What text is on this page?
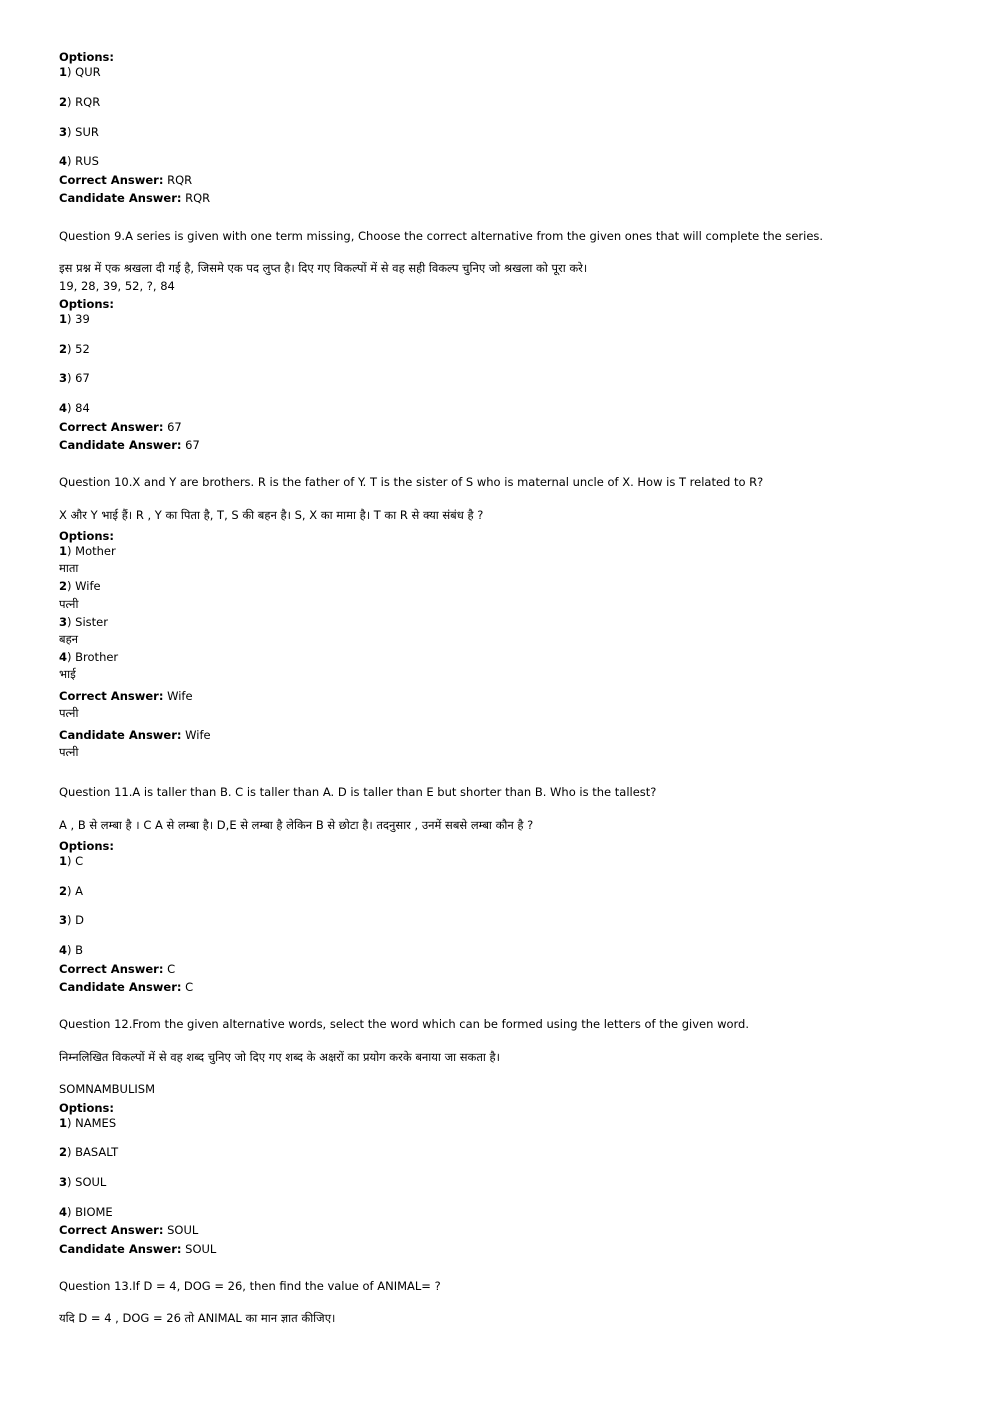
Options:
1) QUR
2) RQR
3) SUR
4) RUS
Correct Answer: RQR
Candidate Answer: RQR
Question 9.A series is given with one term missing, Choose the correct alternative from the given ones that will complete the series.
इस प्रश्न में एक श्रखला दी गई है, जिसमे एक पद लुप्त है। दिए गए विकल्पों में से वह सही विकल्प चुनिए जो श्रखला को पूरा करे।
19, 28, 39, 52, ?, 84
Options:
1) 39
2) 52
3) 67
4) 84
Correct Answer: 67
Candidate Answer: 67
Question 10.X and Y are brothers. R is the father of Y. T is the sister of S who is maternal uncle of X. How is T related to R?
X और Y भाई हैं। R , Y का पिता है, T, S की बहन है। S, X का मामा है। T का R से क्या संबंध है ?
Options:
1) Mother
माता
2) Wife
पत्नी
3) Sister
बहन
4) Brother
भाई
Correct Answer: Wife
पत्नी
Candidate Answer: Wife
पत्नी
Question 11.A is taller than B. C is taller than A. D is taller than E but shorter than B. Who is the tallest?
A , B से लम्बा है । C A से लम्बा है। D,E से लम्बा है लेकिन B से छोटा है। तदनुसार , उनमें सबसे लम्बा कौन है ?
Options:
1) C
2) A
3) D
4) B
Correct Answer: C
Candidate Answer: C
Question 12.From the given alternative words, select the word which can be formed using the letters of the given word.
निम्नलिखित विकल्पों में से वह शब्द चुनिए जो दिए गए शब्द के अक्षरों का प्रयोग करके बनाया जा सकता है।
SOMNAMBULISM
Options:
1) NAMES
2) BASALT
3) SOUL
4) BIOME
Correct Answer: SOUL
Candidate Answer: SOUL
Question 13.If D = 4, DOG = 26, then find the value of ANIMAL= ?
यदि D = 4 , DOG = 26 तो ANIMAL का मान ज्ञात कीजिए।
